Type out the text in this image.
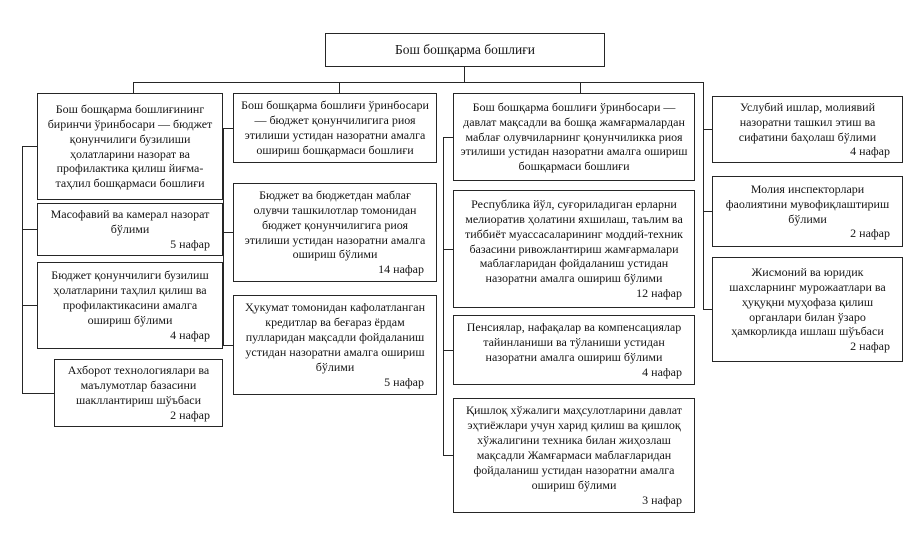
Бош бошқарма бошлиғи
Бош бошқарма бошлиғининг биринчи ўринбосари — бюджет қонунчилиги бузилиши ҳолатларини назорат ва профилактика қилиш йиғма-таҳлил бошқармаси бошлиғи
Масофавий ва камерал назорат бўлими
5 нафар
Бюджет қонунчилиги бузилиш ҳолатларини таҳлил қилиш ва профилактикасини амалга ошириш бўлими
4 нафар
Ахборот технологиялари ва маълумотлар базасини шакллантириш шўъбаси
2 нафар
Бош бошқарма бошлиғи ўринбосари — бюджет қонунчилигига риоя этилиши устидан назоратни амалга ошириш бошқармаси бошлиғи
Бюджет ва бюджетдан маблағ олувчи ташкилотлар томонидан бюджет қонунчилигига риоя этилиши устидан назоратни амалга ошириш бўлими
14 нафар
Ҳукумат томонидан кафолатланган кредитлар ва беғараз ёрдам пулларидан мақсадли фойдаланиш устидан назоратни амалга ошириш бўлими
5 нафар
Бош бошқарма бошлиғи ўринбосари — давлат мақсадли ва бошқа жамғармалардан маблағ олувчиларнинг қонунчиликка риоя этилиши устидан назоратни амалга ошириш бошқармаси бошлиғи
Республика йўл, суғориладиган ерларни мелиоратив ҳолатини яхшилаш, таълим ва тиббиёт муассасаларининг моддий-техник базасини ривожлантириш жамғармалари маблағларидан фойдаланиш устидан назоратни амалга ошириш бўлими
12 нафар
Пенсиялар, нафақалар ва компенсациялар тайинланиши ва тўланиши устидан назоратни амалга ошириш бўлими
4 нафар
Қишлоқ хўжалиги маҳсулотларини давлат эҳтиёжлари учун харид қилиш ва қишлоқ хўжалигини техника билан жиҳозлаш мақсадли Жамғармаси маблағларидан фойдаланиш устидан назоратни амалга ошириш бўлими
3 нафар
Услубий ишлар, молиявий назоратни ташкил этиш ва сифатини баҳолаш бўлими
4 нафар
Молия инспекторлари фаолиятини мувофиқлаштириш бўлими
2 нафар
Жисмоний ва юридик шахсларнинг мурожаатлари ва ҳуқуқни муҳофаза қилиш органлари билан ўзаро ҳамкорликда ишлаш шўъбаси
2 нафар
